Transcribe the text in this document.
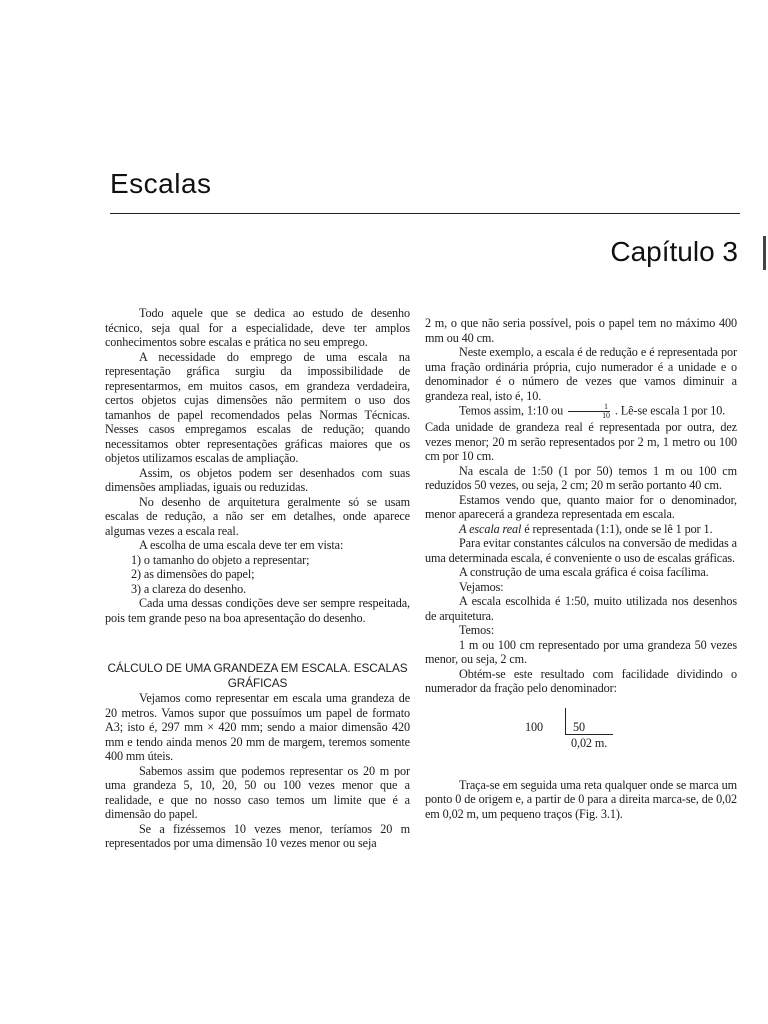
Escalas
Capítulo 3

Todo aquele que se dedica ao estudo de desenho técnico, seja qual for a especialidade, deve ter amplos conhecimentos sobre escalas e prática no seu emprego.

A necessidade do emprego de uma escala na representação gráfica surgiu da impossibilidade de representarmos, em muitos casos, em grandeza verdadeira, certos objetos cujas dimensões não permitem o uso dos tamanhos de papel recomendados pelas Normas Técnicas. Nesses casos empregamos escalas de redução; quando necessitamos obter representações gráficas maiores que os objetos utilizamos escalas de ampliação.

Assim, os objetos podem ser desenhados com suas dimensões ampliadas, iguais ou reduzidas.

No desenho de arquitetura geralmente só se usam escalas de redução, a não ser em detalhes, onde aparece algumas vezes a escala real.

A escolha de uma escala deve ter em vista:

1) o tamanho do objeto a representar;

2) as dimensões do papel;

3) a clareza do desenho.

Cada uma dessas condições deve ser sempre respeitada, pois tem grande peso na boa apresentação do desenho.

CÁLCULO DE UMA GRANDEZA EM ESCALA. ESCALAS GRÁFICAS

Vejamos como representar em escala uma grandeza de 20 metros. Vamos supor que possuímos um papel de formato A3; isto é, 297 mm × 420 mm; sendo a maior dimensão 420 mm e tendo ainda menos 20 mm de margem, teremos somente 400 mm úteis.

Sabemos assim que podemos representar os 20 m por uma grandeza 5, 10, 20, 50 ou 100 vezes menor que a realidade, e que no nosso caso temos um limite que é a dimensão do papel.

Se a fizéssemos 10 vezes menor, teríamos 20 m representados por uma dimensão 10 vezes menor ou seja

2 m, o que não seria possível, pois o papel tem no máximo 400 mm ou 40 cm.

Neste exemplo, a escala é de redução e é representada por uma fração ordinária própria, cujo numerador é a unidade e o denominador é o número de vezes que vamos diminuir a grandeza real, isto é, 10.

Temos assim, 1:10 ou $\frac{1}{10}$ . Lê-se escala 1 por 10.

Cada unidade de grandeza real é representada por outra, dez vezes menor; 20 m serão representados por 2 m, 1 metro ou 100 cm por 10 cm.

Na escala de 1:50 (1 por 50) temos 1 m ou 100 cm reduzidos 50 vezes, ou seja, 2 cm; 20 m serão portanto 40 cm.

Estamos vendo que, quanto maior for o denominador, menor aparecerá a grandeza representada em escala.

A escala real é representada (1:1), onde se lê 1 por 1.

Para evitar constantes cálculos na conversão de medidas a uma determinada escala, é conveniente o uso de escalas gráficas.

A construção de uma escala gráfica é coisa facílima.

Vejamos:

A escala escolhida é 1:50, muito utilizada nos desenhos de arquitetura.

Temos:

1 m ou 100 cm representado por uma grandeza 50 vezes menor, ou seja, 2 cm.

Obtém-se este resultado com facilidade dividindo o numerador da fração pelo denominador:

100 50
0,02 m.

Traça-se em seguida uma reta qualquer onde se marca um ponto 0 de origem e, a partir de 0 para a direita marca-se, de 0,02 em 0,02 m, um pequeno traços (Fig. 3.1).
